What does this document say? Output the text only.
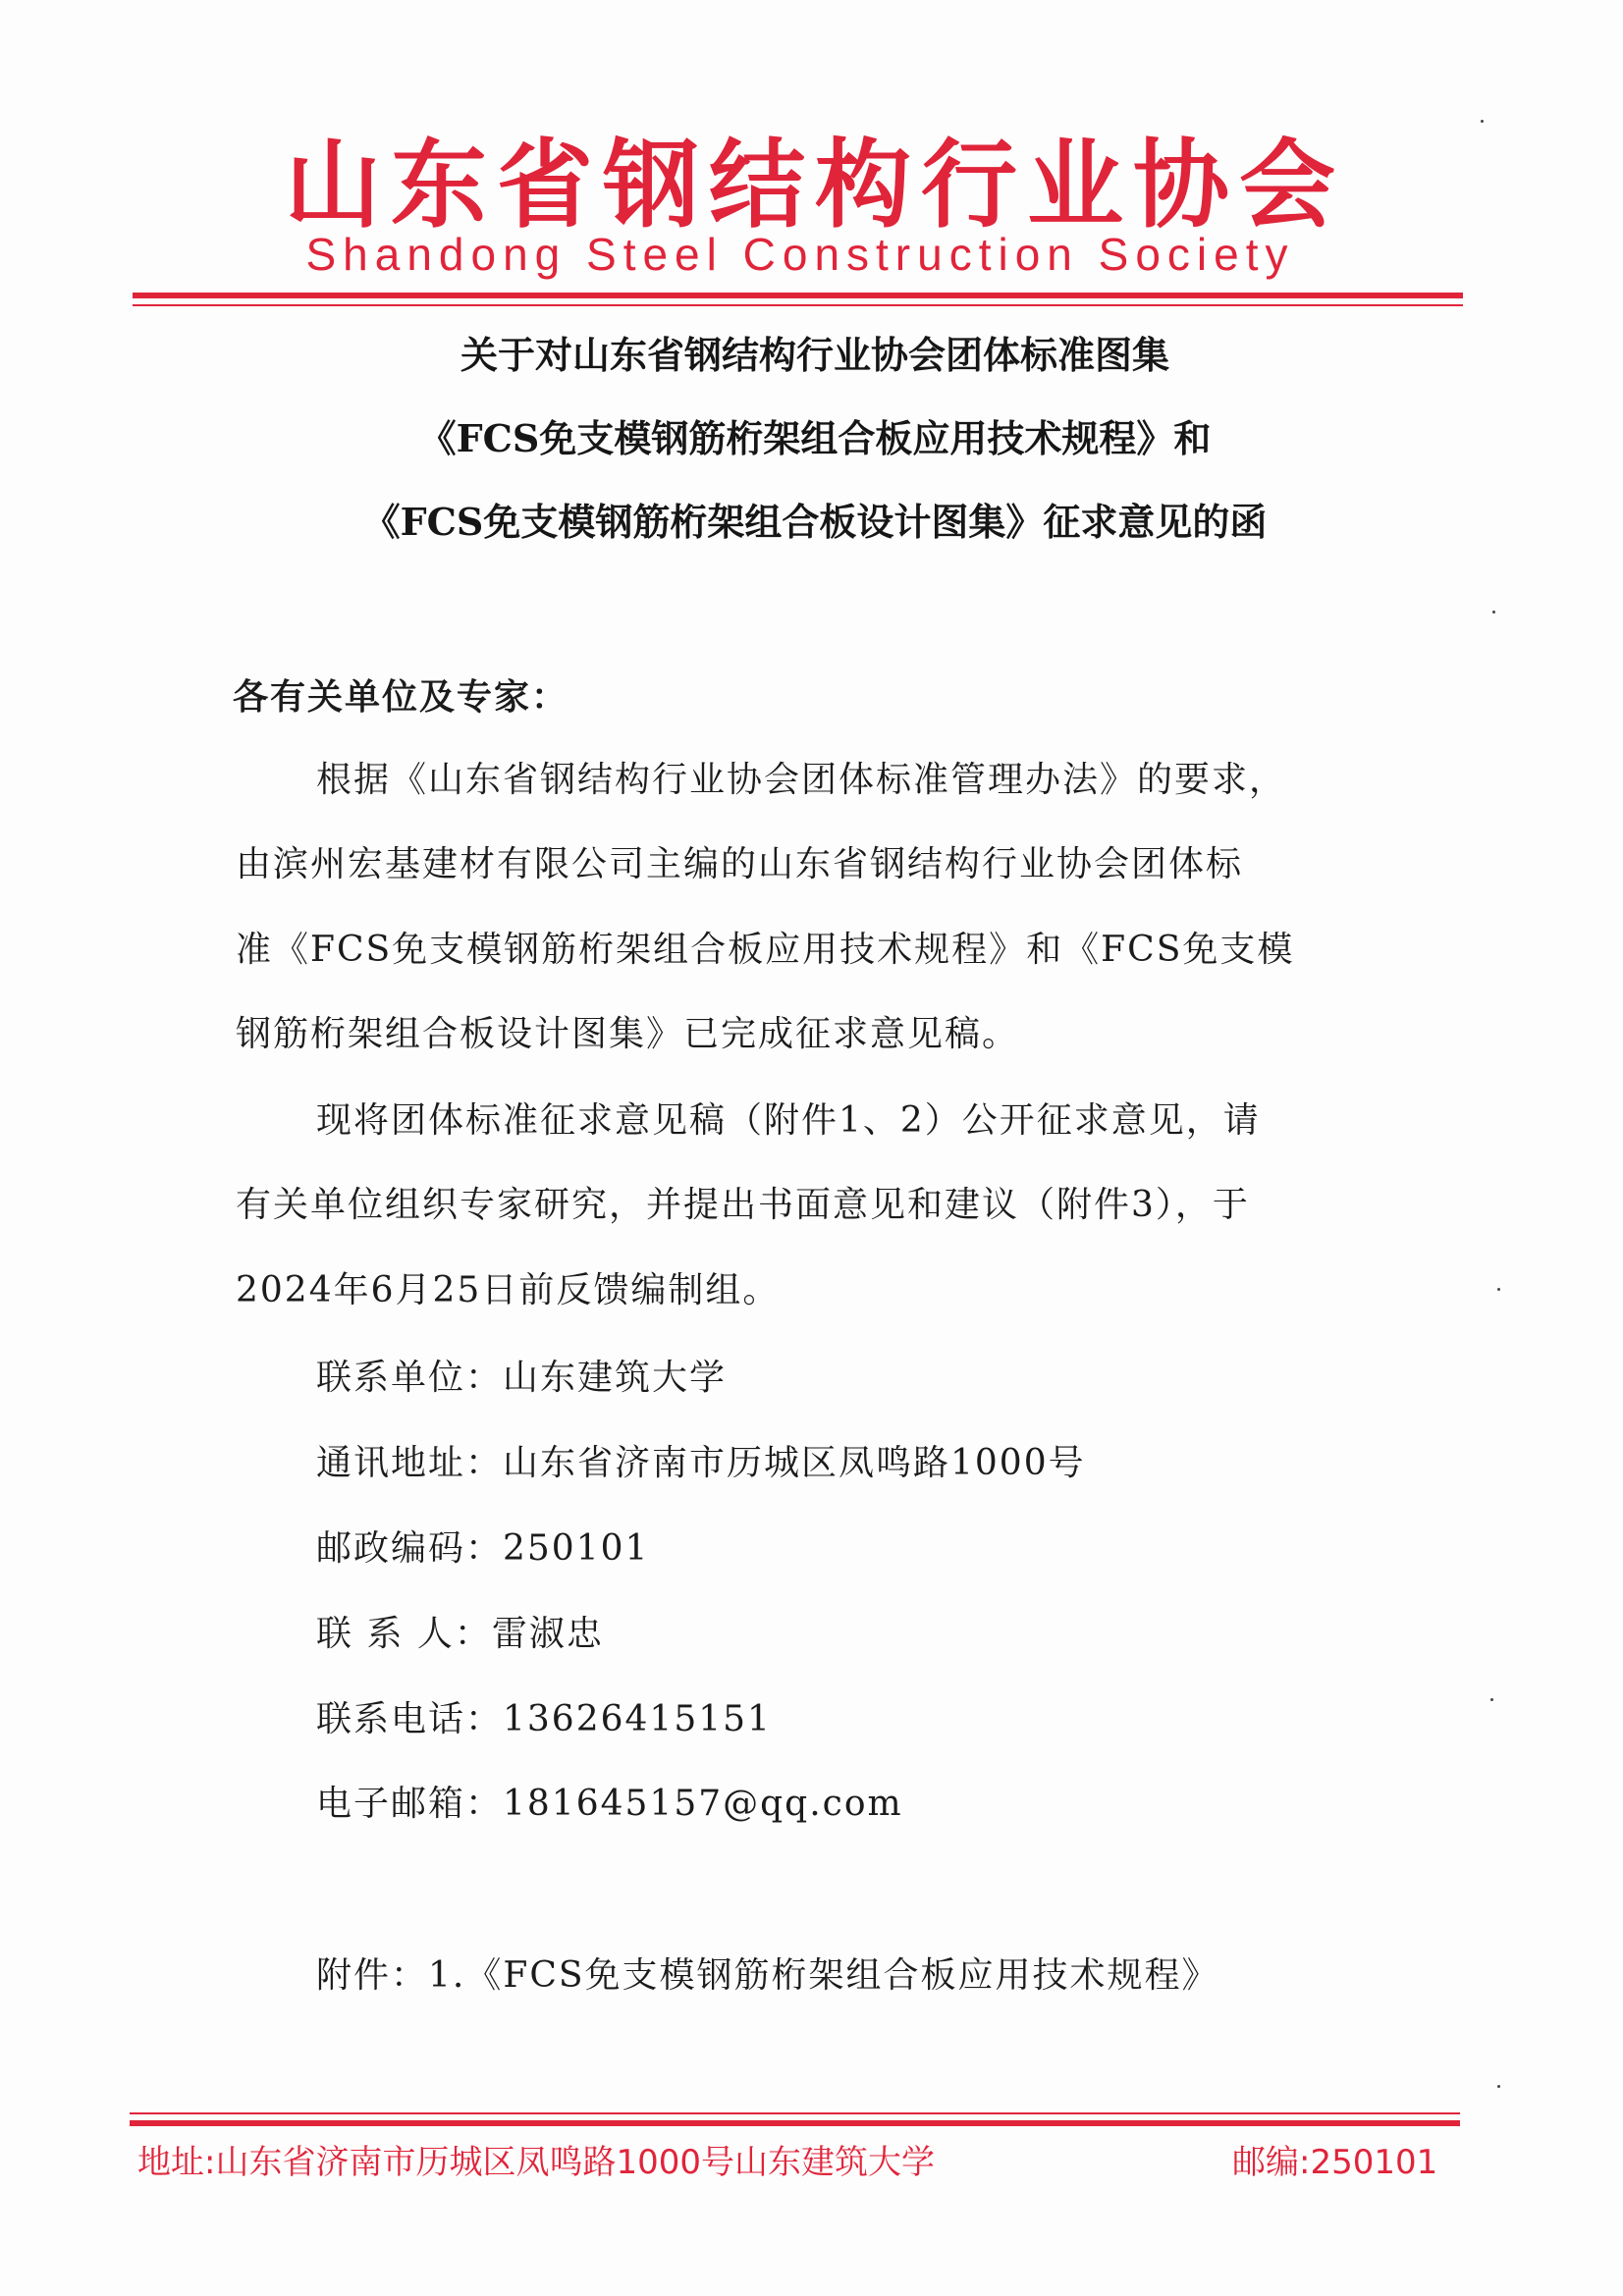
山东省钢结构行业协会
Shandong Steel Construction Society
关于对山东省钢结构行业协会团体标准图集
《FCS免支模钢筋桁架组合板应用技术规程》和
《FCS免支模钢筋桁架组合板设计图集》征求意见的函
各有关单位及专家：
根据《山东省钢结构行业协会团体标准管理办法》的要求，
由滨州宏基建材有限公司主编的山东省钢结构行业协会团体标
准《FCS免支模钢筋桁架组合板应用技术规程》和《FCS免支模
钢筋桁架组合板设计图集》已完成征求意见稿。
现将团体标准征求意见稿（附件1、2）公开征求意见，请
有关单位组织专家研究，并提出书面意见和建议（附件3），于
2024年6月25日前反馈编制组。
联系单位：山东建筑大学
通讯地址：山东省济南市历城区凤鸣路1000号
邮政编码：250101
联 系 人：雷淑忠
联系电话：13626415151
电子邮箱：181645157@qq.com
附件：1.《FCS免支模钢筋桁架组合板应用技术规程》
地址:山东省济南市历城区凤鸣路1000号山东建筑大学	邮编:250101
